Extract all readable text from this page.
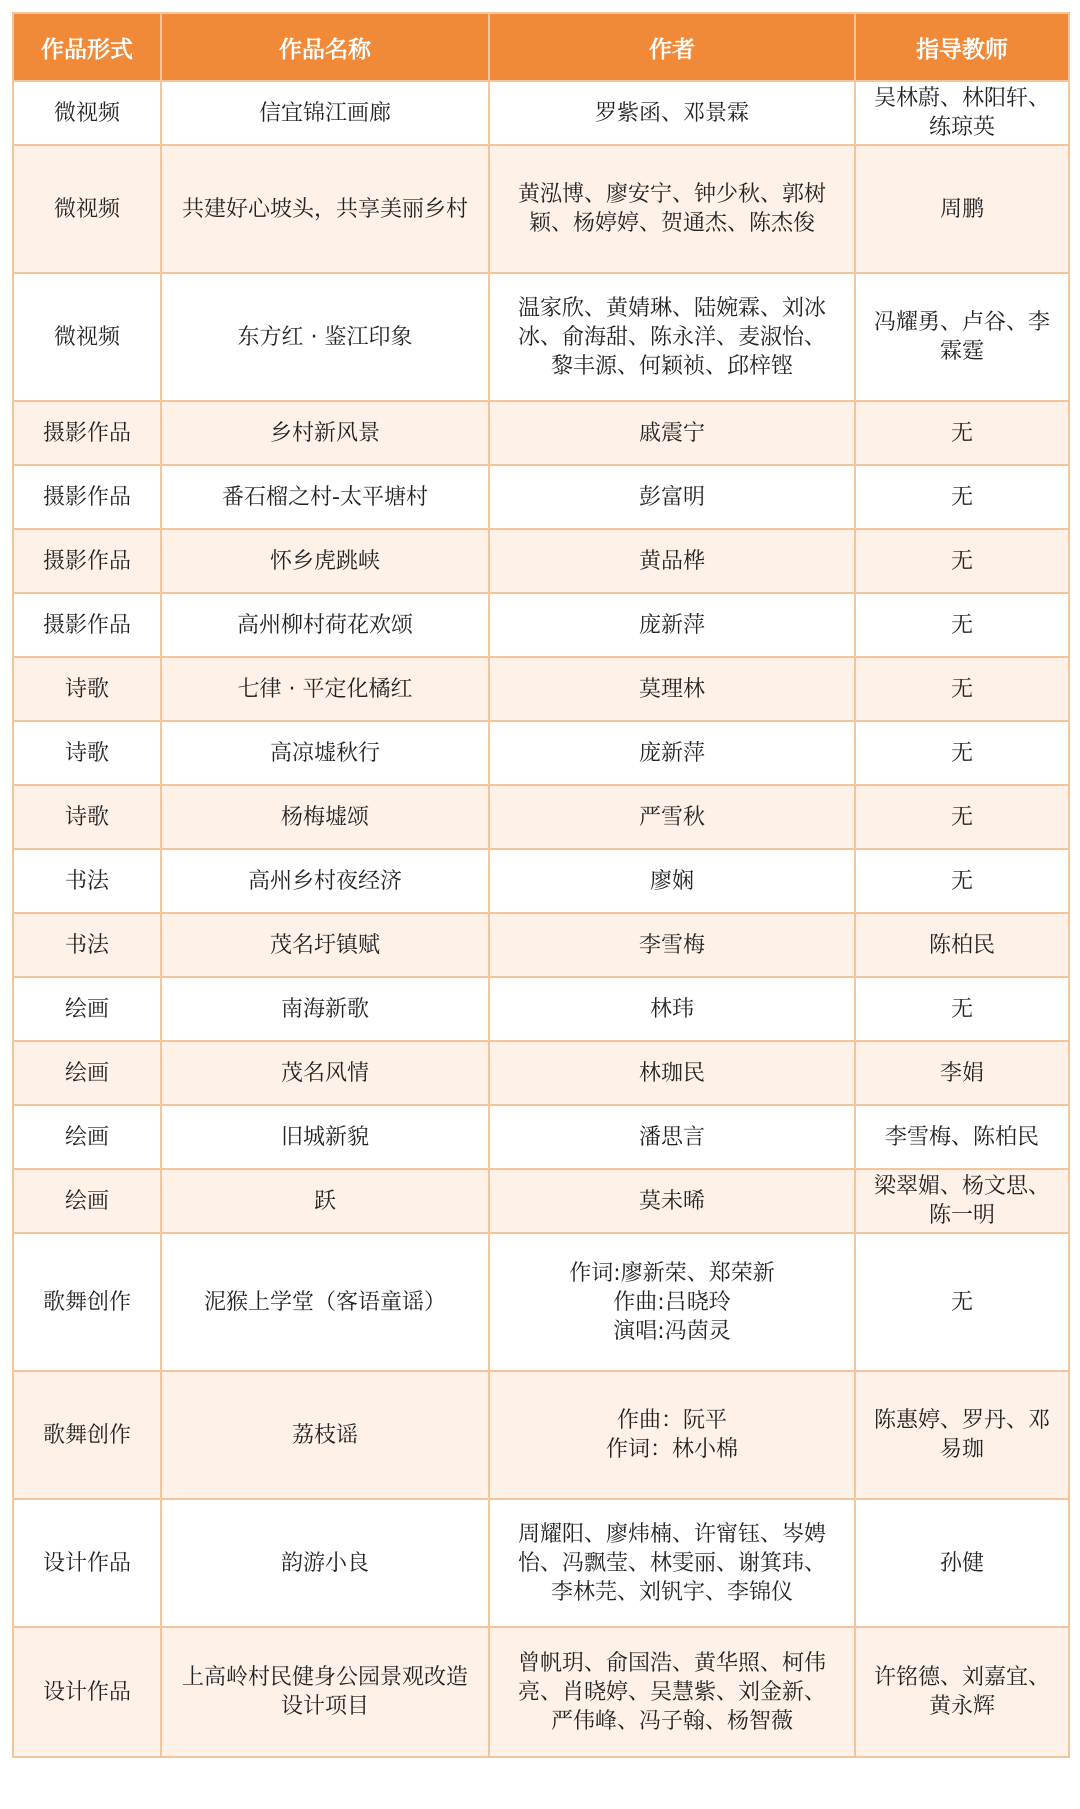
作品形式	作品名称	作者	指导教师
微视频	信宜锦江画廊	罗紫函、邓景霖	吴林蔚、林阳轩、
练琼英
微视频	共建好心坡头，共享美丽乡村	黄泓博、廖安宁、钟少秋、郭树
颖、杨婷婷、贺通杰、陈杰俊	周鹏
微视频	东方红 · 鉴江印象	温家欣、黄婧琳、陆婉霖、刘冰
冰、俞海甜、陈永洋、麦淑怡、
黎丰源、何颖祯、邱梓铿	冯耀勇、卢谷、李
霖霆
摄影作品	乡村新风景	戚震宁	无
摄影作品	番石榴之村-太平塘村	彭富明	无
摄影作品	怀乡虎跳峡	黄品桦	无
摄影作品	高州柳村荷花欢颂	庞新萍	无
诗歌	七律 · 平定化橘红	莫理林	无
诗歌	高凉墟秋行	庞新萍	无
诗歌	杨梅墟颂	严雪秋	无
书法	高州乡村夜经济	廖娴	无
书法	茂名圩镇赋	李雪梅	陈柏民
绘画	南海新歌	林玮	无
绘画	茂名风情	林珈民	李娟
绘画	旧城新貌	潘思言	李雪梅、陈柏民
绘画	跃	莫未晞	梁翠媚、杨文思、
陈一明
歌舞创作	泥猴上学堂（客语童谣）	作词:廖新荣、郑荣新
作曲:吕晓玲
演唱:冯茵灵	无
歌舞创作	荔枝谣	作曲：阮平
作词：林小棉	陈惠婷、罗丹、邓
易珈
设计作品	韵游小良	周耀阳、廖炜楠、许甯钰、岑娉
怡、冯飘莹、林雯丽、谢箕玮、
李林芫、刘钒宇、李锦仪	孙健
设计作品	上高岭村民健身公园景观改造
设计项目	曾帆玥、俞国浩、黄华照、柯伟
亮、肖晓婷、吴慧紫、刘金新、
严伟峰、冯子翰、杨智薇	许铭德、刘嘉宜、
黄永辉
